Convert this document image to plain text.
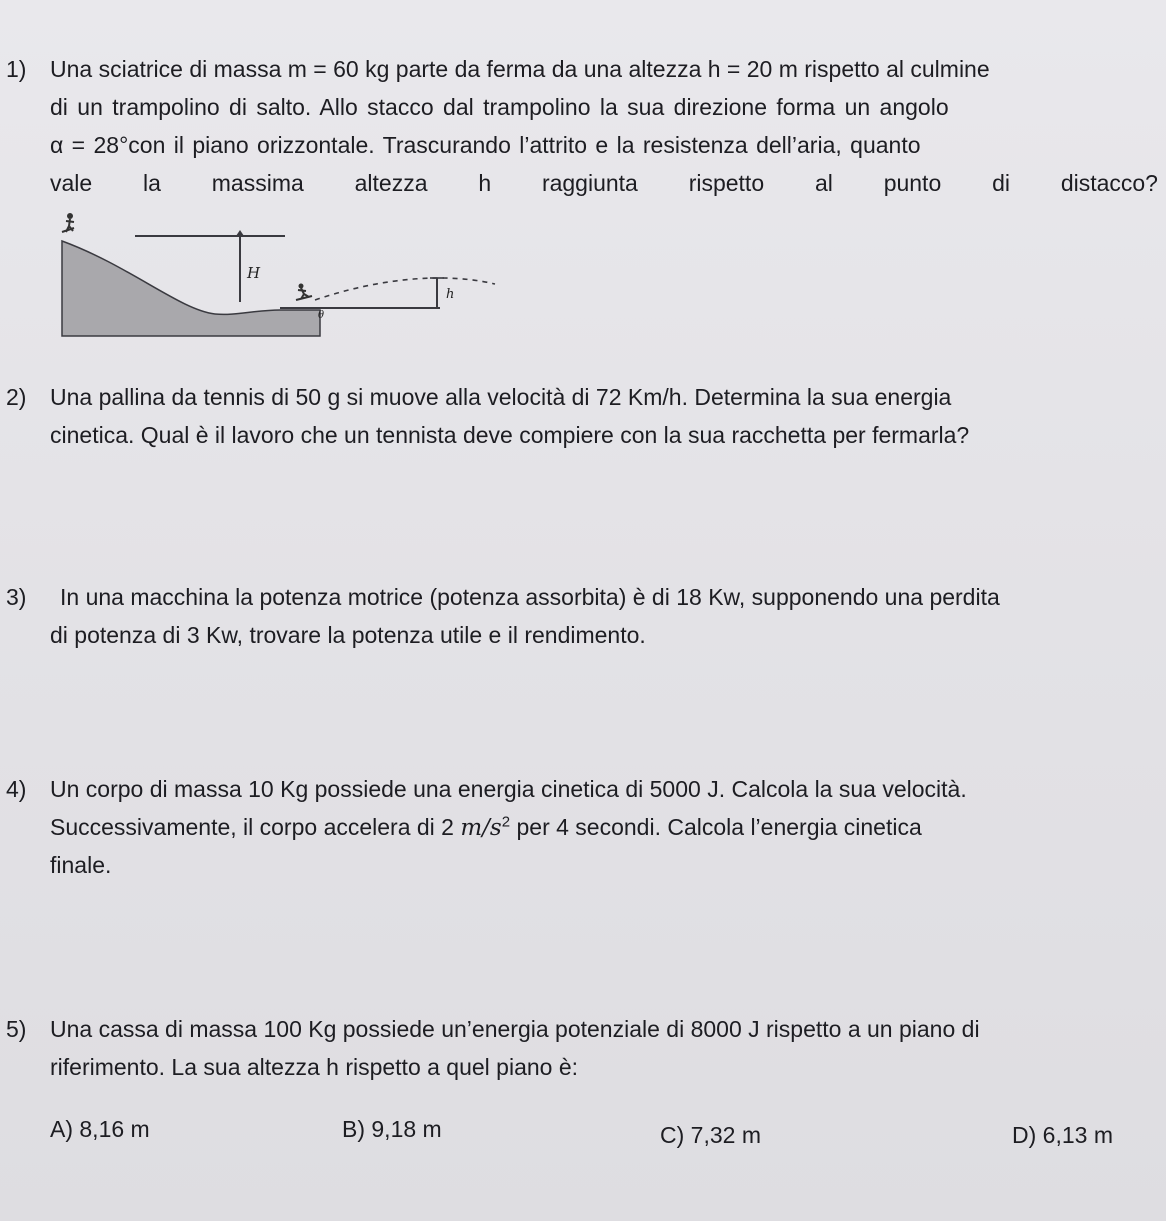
1) Una sciatrice di massa m = 60 kg parte da ferma da una altezza h = 20 m rispetto al culmine
di un trampolino di salto. Allo stacco dal trampolino la sua direzione forma un angolo
α = 28°con il piano orizzontale. Trascurando l’attrito e la resistenza dell’aria, quanto
vale la massima altezza h raggiunta rispetto al punto di distacco?
H
h
θ
2) Una pallina da tennis di 50 g si muove alla velocità di 72 Km/h. Determina la sua energia
cinetica. Qual è il lavoro che un tennista deve compiere con la sua racchetta per fermarla?
3) In una macchina la potenza motrice (potenza assorbita) è di 18 Kw, supponendo una perdita
di potenza di 3 Kw, trovare la potenza utile e il rendimento.
4) Un corpo di massa 10 Kg possiede una energia cinetica di 5000 J. Calcola la sua velocità.
Successivamente, il corpo accelera di 2 $m/s^2$ per 4 secondi. Calcola l’energia cinetica
finale.
5) Una cassa di massa 100 Kg possiede un’energia potenziale di 8000 J rispetto a un piano di
riferimento. La sua altezza h rispetto a quel piano è:
A) 8,16 m	B) 9,18 m	C) 7,32 m	D) 6,13 m
